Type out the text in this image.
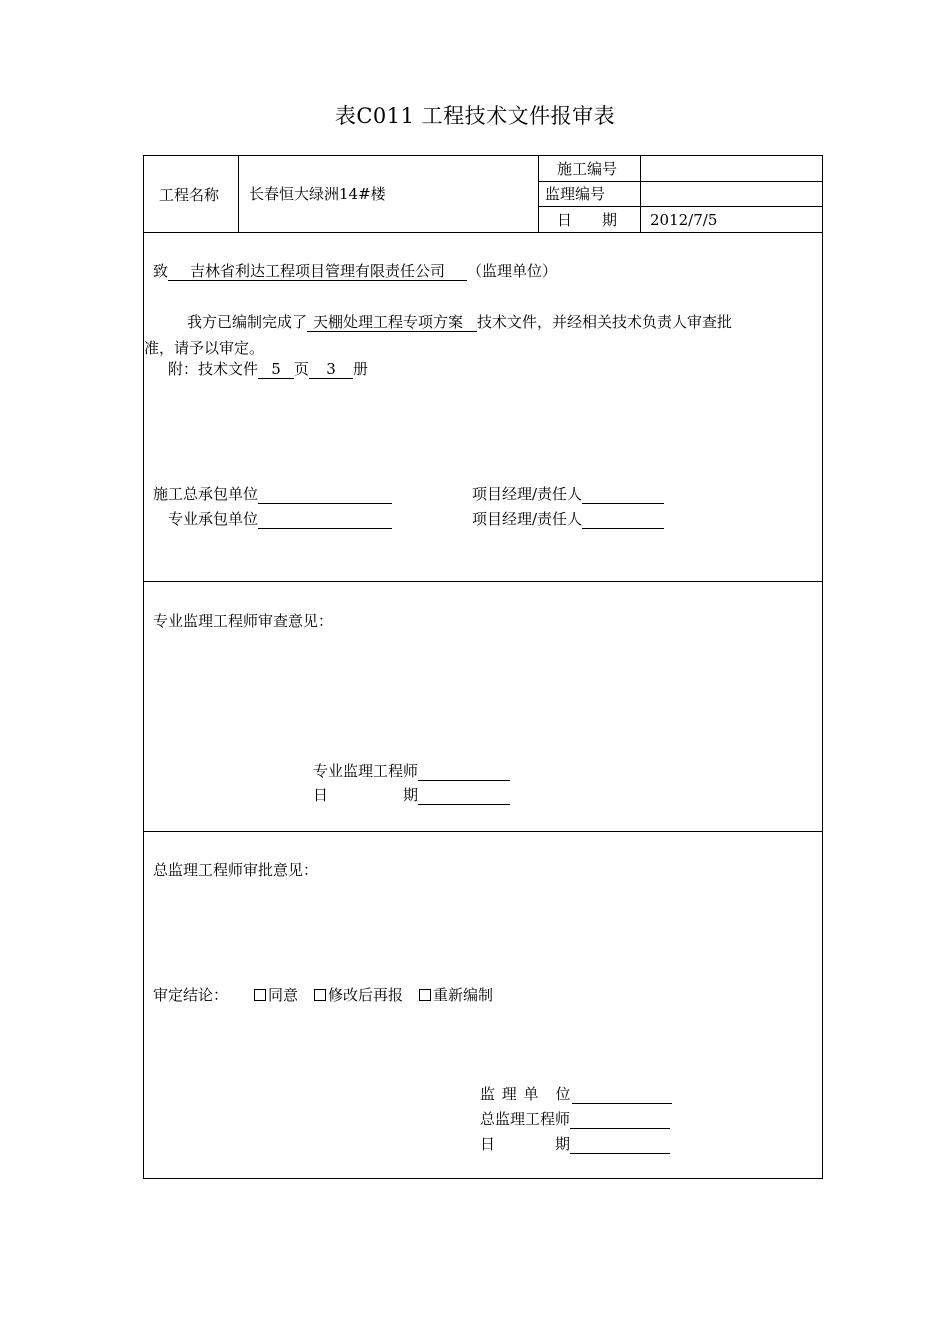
表C011 工程技术文件报审表
工程名称 长春恒大绿洲14#楼
施工编号
监理编号
日　　期 2012/7/5
致 吉林省利达工程项目管理有限责任公司 （监理单位）
我方已编制完成了 天棚处理工程专项方案 技术文件，并经相关技术负责人审查批
准，请予以审定。
附：技术文件 5 页 3 册
施工总承包单位	项目经理/责任人
专业承包单位	项目经理/责任人
专业监理工程师审查意见：
专业监理工程师
日　　　　　期
总监理工程师审批意见：
审定结论：	同意 修改后再报 重新编制
监 理 单　位
总监理工程师
日　　　　期
